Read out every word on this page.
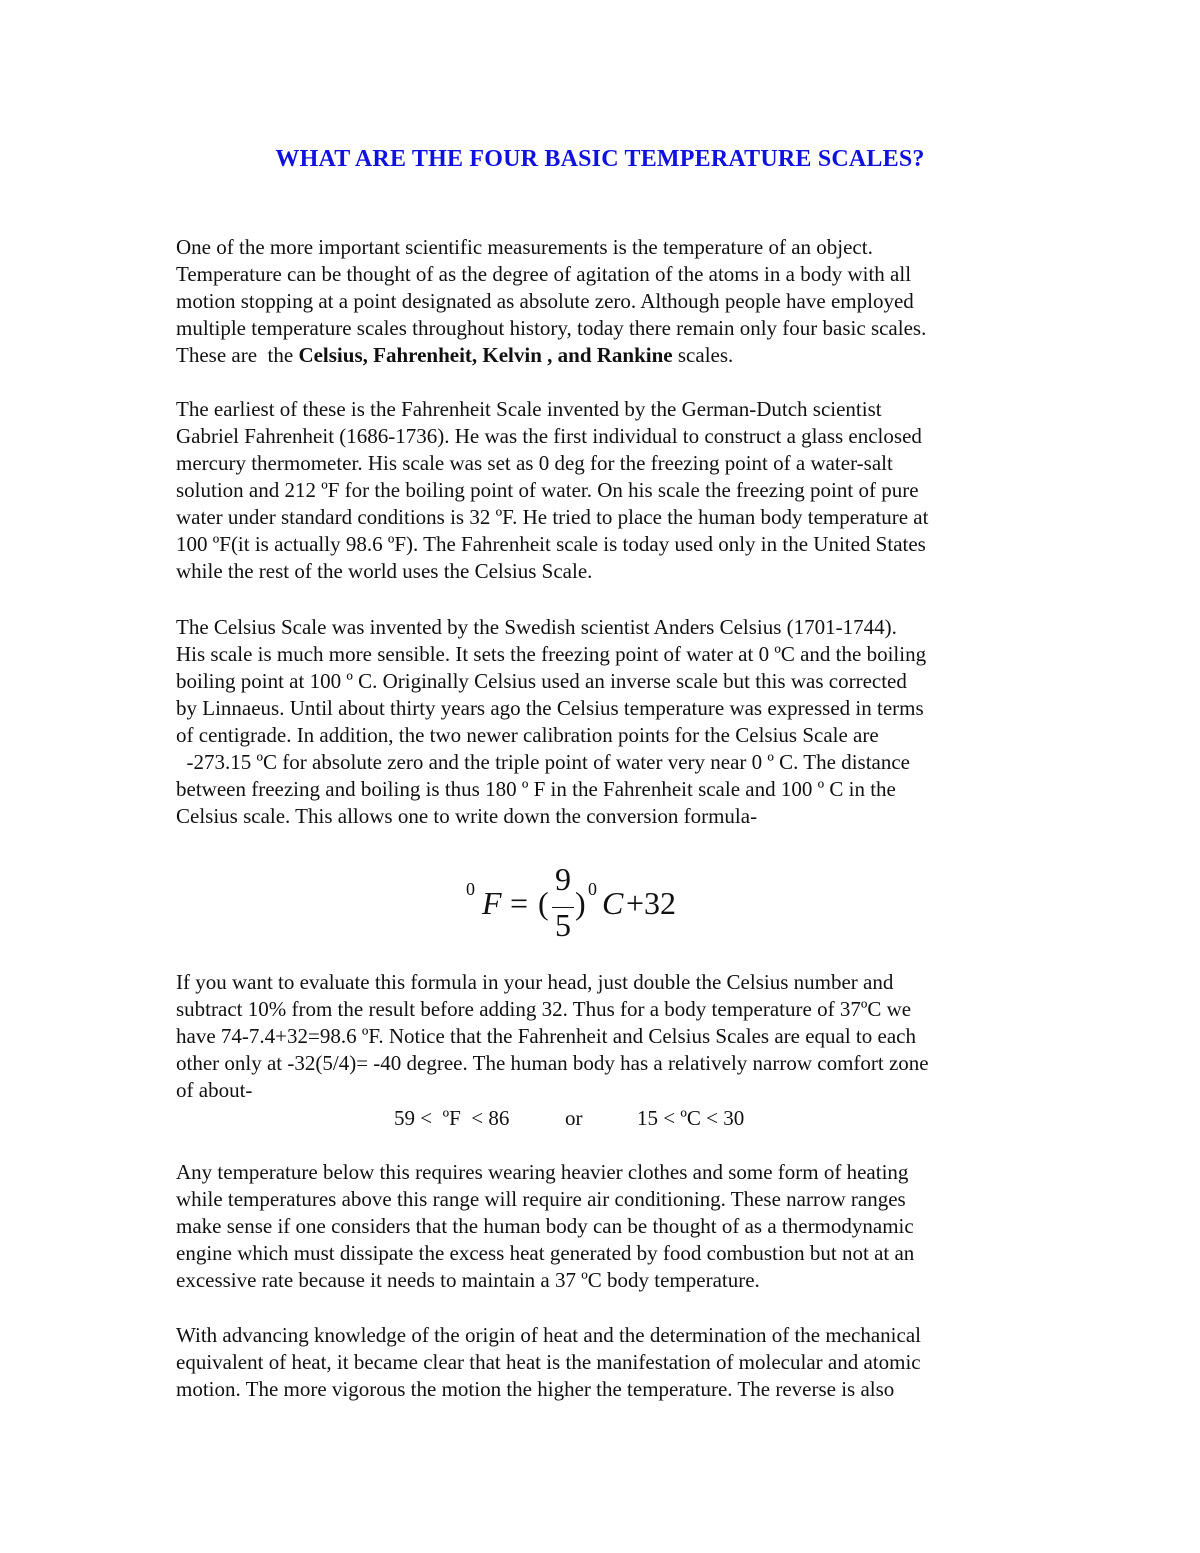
WHAT ARE THE FOUR BASIC TEMPERATURE SCALES?
One of the more important scientific measurements is the temperature of an object.
Temperature can be thought of as the degree of agitation of the atoms in a body with all
motion stopping at a point designated as absolute zero. Although people have employed
multiple temperature scales throughout history, today there remain only four basic scales.
These are  the Celsius, Fahrenheit, Kelvin , and Rankine scales.
The earliest of these is the Fahrenheit Scale invented by the German-Dutch scientist
Gabriel Fahrenheit (1686-1736). He was the first individual to construct a glass enclosed
mercury thermometer. His scale was set as 0 deg for the freezing point of a water-salt
solution and 212 ºF for the boiling point of water. On his scale the freezing point of pure
water under standard conditions is 32 ºF. He tried to place the human body temperature at
100 ºF(it is actually 98.6 ºF). The Fahrenheit scale is today used only in the United States
while the rest of the world uses the Celsius Scale.
The Celsius Scale was invented by the Swedish scientist Anders Celsius (1701-1744).
His scale is much more sensible. It sets the freezing point of water at 0 ºC and the boiling
boiling point at 100 º C. Originally Celsius used an inverse scale but this was corrected
by Linnaeus. Until about thirty years ago the Celsius temperature was expressed in terms
of centigrade. In addition, the two newer calibration points for the Celsius Scale are
-273.15 ºC for absolute zero and the triple point of water very near 0 º C. The distance
between freezing and boiling is thus 180 º F in the Fahrenheit scale and 100 º C in the
Celsius scale. This allows one to write down the conversion formula-
0 F = (
9
5
) 0 C +32
If you want to evaluate this formula in your head, just double the Celsius number and
subtract 10% from the result before adding 32. Thus for a body temperature of 37ºC we
have 74-7.4+32=98.6 ºF. Notice that the Fahrenheit and Celsius Scales are equal to each
other only at -32(5/4)= -40 degree. The human body has a relatively narrow comfort zone
of about-
59 <  ºF  < 86	or	15 < ºC < 30
Any temperature below this requires wearing heavier clothes and some form of heating
while temperatures above this range will require air conditioning. These narrow ranges
make sense if one considers that the human body can be thought of as a thermodynamic
engine which must dissipate the excess heat generated by food combustion but not at an
excessive rate because it needs to maintain a 37 ºC body temperature.
With advancing knowledge of the origin of heat and the determination of the mechanical
equivalent of heat, it became clear that heat is the manifestation of molecular and atomic
motion. The more vigorous the motion the higher the temperature. The reverse is also
